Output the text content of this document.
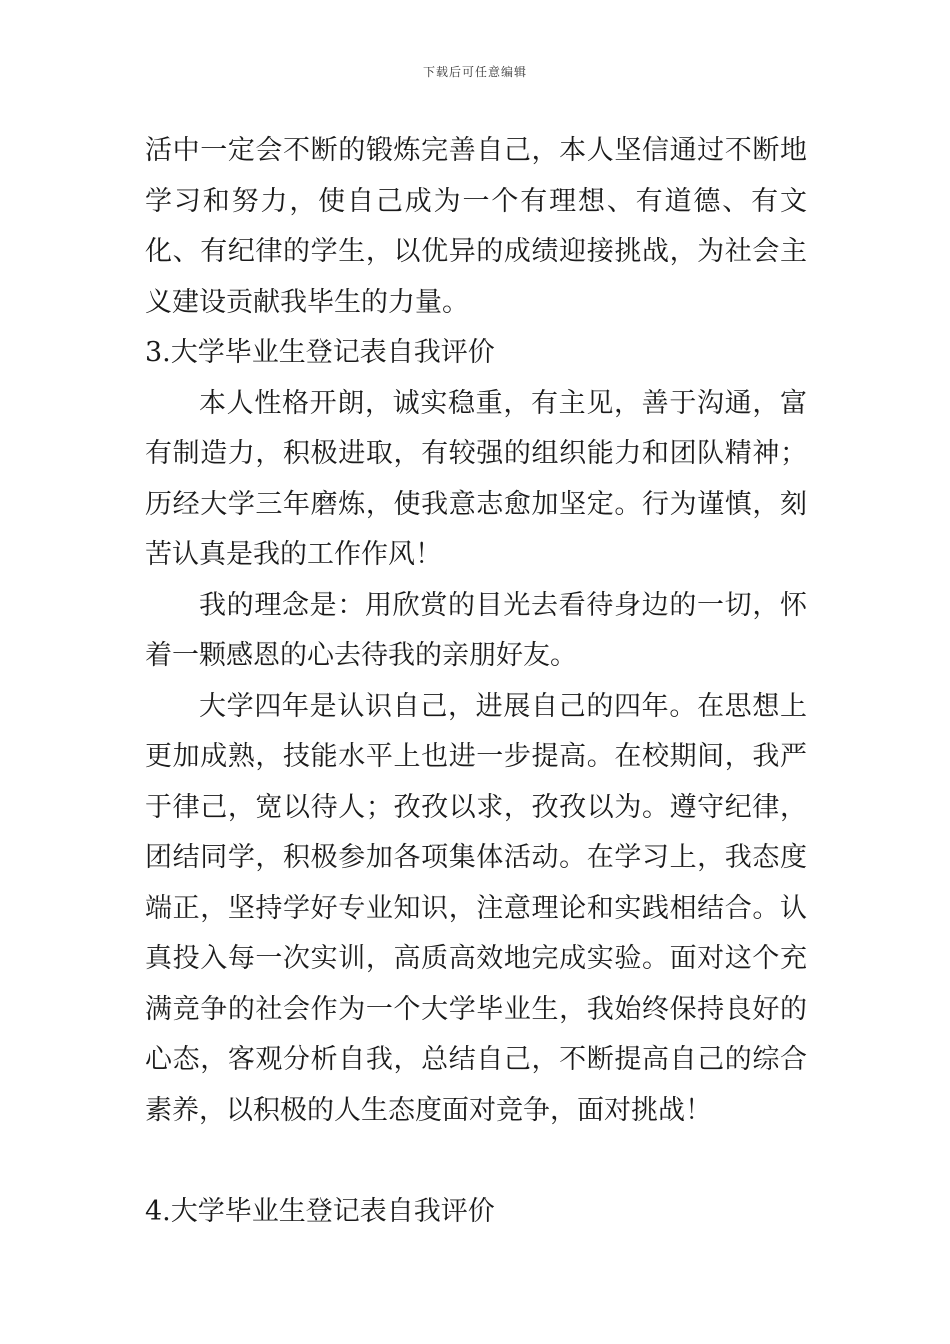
下载后可任意编辑

活中一定会不断的锻炼完善自己，本人坚信通过不断地学习和努力，使自己成为一个有理想、有道德、有文化、有纪律的学生，以优异的成绩迎接挑战，为社会主义建设贡献我毕生的力量。

3.大学毕业生登记表自我评价

本人性格开朗，诚实稳重，有主见，善于沟通，富有制造力，积极进取，有较强的组织能力和团队精神；历经大学三年磨炼，使我意志愈加坚定。行为谨慎，刻苦认真是我的工作作风！

我的理念是：用欣赏的目光去看待身边的一切，怀着一颗感恩的心去待我的亲朋好友。

大学四年是认识自己，进展自己的四年。在思想上更加成熟，技能水平上也进一步提高。在校期间，我严于律己，宽以待人；孜孜以求，孜孜以为。遵守纪律，团结同学，积极参加各项集体活动。在学习上，我态度端正，坚持学好专业知识，注意理论和实践相结合。认真投入每一次实训，高质高效地完成实验。面对这个充满竞争的社会作为一个大学毕业生，我始终保持良好的心态，客观分析自我，总结自己，不断提高自己的综合素养，以积极的人生态度面对竞争，面对挑战！

4.大学毕业生登记表自我评价
